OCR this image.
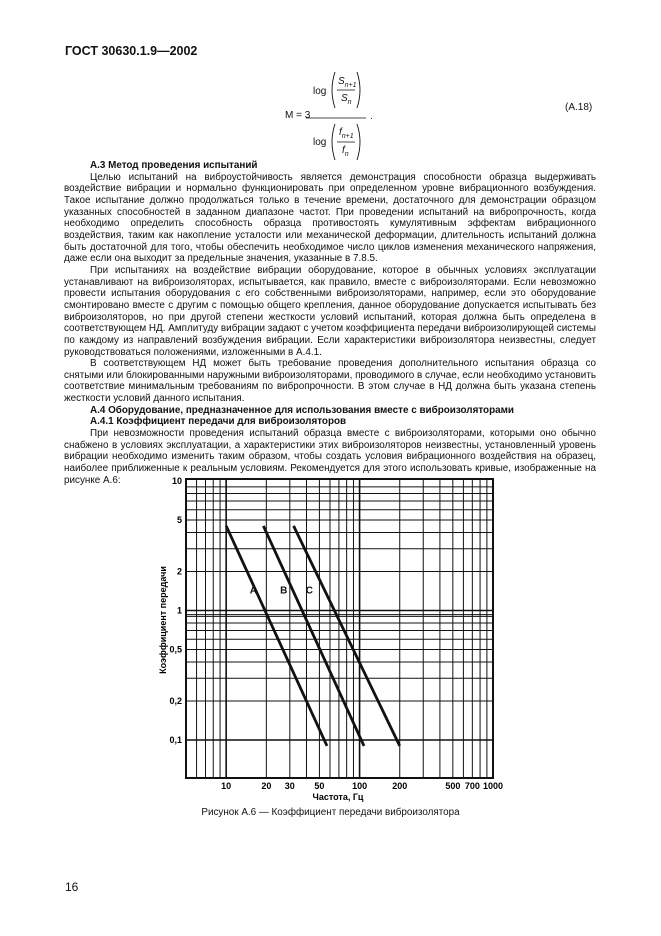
ГОСТ 30630.1.9—2002
M = 3
log
$S_{n+1}$
$S_n$
log
$f_{n+1}$
$f_n$
.
(A.18)

A.3 Метод проведения испытаний

Целью испытаний на виброустойчивость является демонстрация способности образца выдерживать воздействие вибрации и нормально функционировать при определенном уровне вибрационного возбуждения. Такое испытание должно продолжаться только в течение времени, достаточного для демонстрации образцом указанных способностей в заданном диапазоне частот. При проведении испытаний на вибропрочность, когда необходимо определить способность образца противостоять кумулятивным эффектам вибрационного воздействия, таким как накопление усталости или механической деформации, длительность испытаний должна быть достаточной для того, чтобы обеспечить необходимое число циклов изменения механического напряжения, даже если она выходит за предельные значения, указанные в 7.8.5.

При испытаниях на воздействие вибрации оборудование, которое в обычных условиях эксплуатации устанавливают на виброизоляторах, испытывается, как правило, вместе с виброизоляторами. Если невозможно провести испытания оборудования с его собственными виброизоляторами, например, если это оборудование смонтировано вместе с другим с помощью общего крепления, данное оборудование допускается испытывать без виброизоляторов, но при другой степени жесткости условий испытаний, которая должна быть определена в соответствующем НД. Амплитуду вибрации задают с учетом коэффициента передачи виброизолирующей системы по каждому из направлений возбуждения вибрации. Если характеристики виброизолятора неизвестны, следует руководствоваться положениями, изложенными в А.4.1.

В соответствующем НД может быть требование проведения дополнительного испытания образца со снятыми или блокированными наружными виброизоляторами, проводимого в случае, если необходимо установить соответствие минимальным требованиям по вибропрочности. В этом случае в НД должна быть указана степень жесткости условий данного испытания.

A.4 Оборудование, предназначенное для использования вместе с виброизоляторами

A.4.1 Коэффициент передачи для виброизоляторов

При невозможности проведения испытаний образца вместе с виброизоляторами, которыми оно обычно снабжено в условиях эксплуатации, а характеристики этих виброизоляторов неизвестны, установленный уровень вибрации необходимо изменить таким образом, чтобы создать условия вибрационного воздействия на образец, наиболее приближенные к реальным условиям. Рекомендуется для этого использовать кривые, изображенные на рисунке А.6:

A B C
10	20 30 50	100	200	500 700 1000
10
5
2
1
0,5
0,2
0,1
Частота, Гц
Коэффициент передачи
Рисунок А.6 — Коэффициент передачи виброизолятора
16
